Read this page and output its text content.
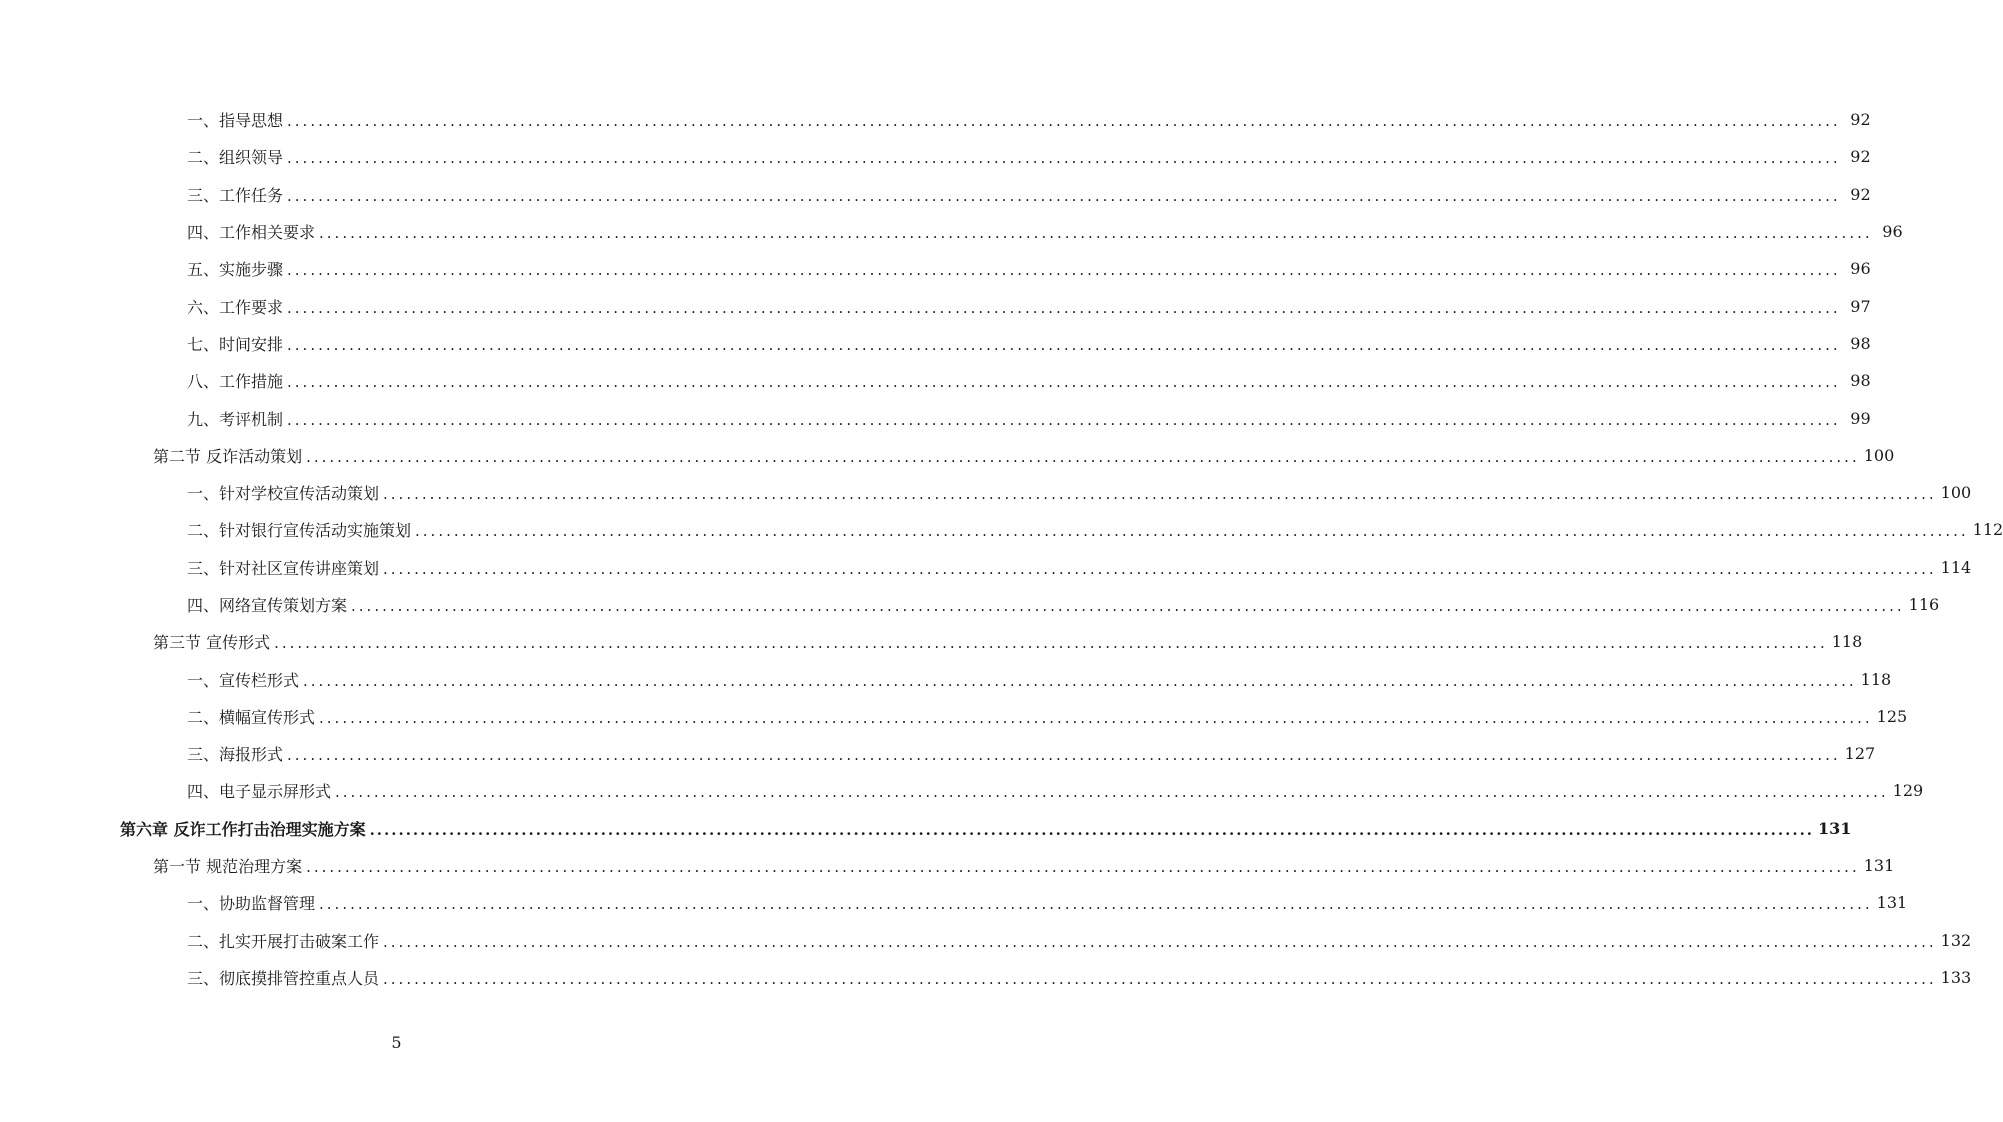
一、指导思想 ........................................................................................................................................................................................................ 92
二、组织领导 ........................................................................................................................................................................................................ 92
三、工作任务 ........................................................................................................................................................................................................ 92
四、工作相关要求 ........................................................................................................................................................................................................ 96
五、实施步骤 ........................................................................................................................................................................................................ 96
六、工作要求 ........................................................................................................................................................................................................ 97
七、时间安排 ........................................................................................................................................................................................................ 98
八、工作措施 ........................................................................................................................................................................................................ 98
九、考评机制 ........................................................................................................................................................................................................ 99
第二节 反诈活动策划 ........................................................................................................................................................................................................ 100
一、针对学校宣传活动策划 ........................................................................................................................................................................................................ 100
二、针对银行宣传活动实施策划 ........................................................................................................................................................................................................ 112
三、针对社区宣传讲座策划 ........................................................................................................................................................................................................ 114
四、网络宣传策划方案 ........................................................................................................................................................................................................ 116
第三节 宣传形式 ........................................................................................................................................................................................................ 118
一、宣传栏形式 ........................................................................................................................................................................................................ 118
二、横幅宣传形式 ........................................................................................................................................................................................................ 125
三、海报形式 ........................................................................................................................................................................................................ 127
四、电子显示屏形式 ........................................................................................................................................................................................................ 129
第六章 反诈工作打击治理实施方案 ........................................................................................................................................................................................................ 131
第一节 规范治理方案 ........................................................................................................................................................................................................ 131
一、协助监督管理 ........................................................................................................................................................................................................ 131
二、扎实开展打击破案工作 ........................................................................................................................................................................................................ 132
三、彻底摸排管控重点人员 ........................................................................................................................................................................................................ 133
5
